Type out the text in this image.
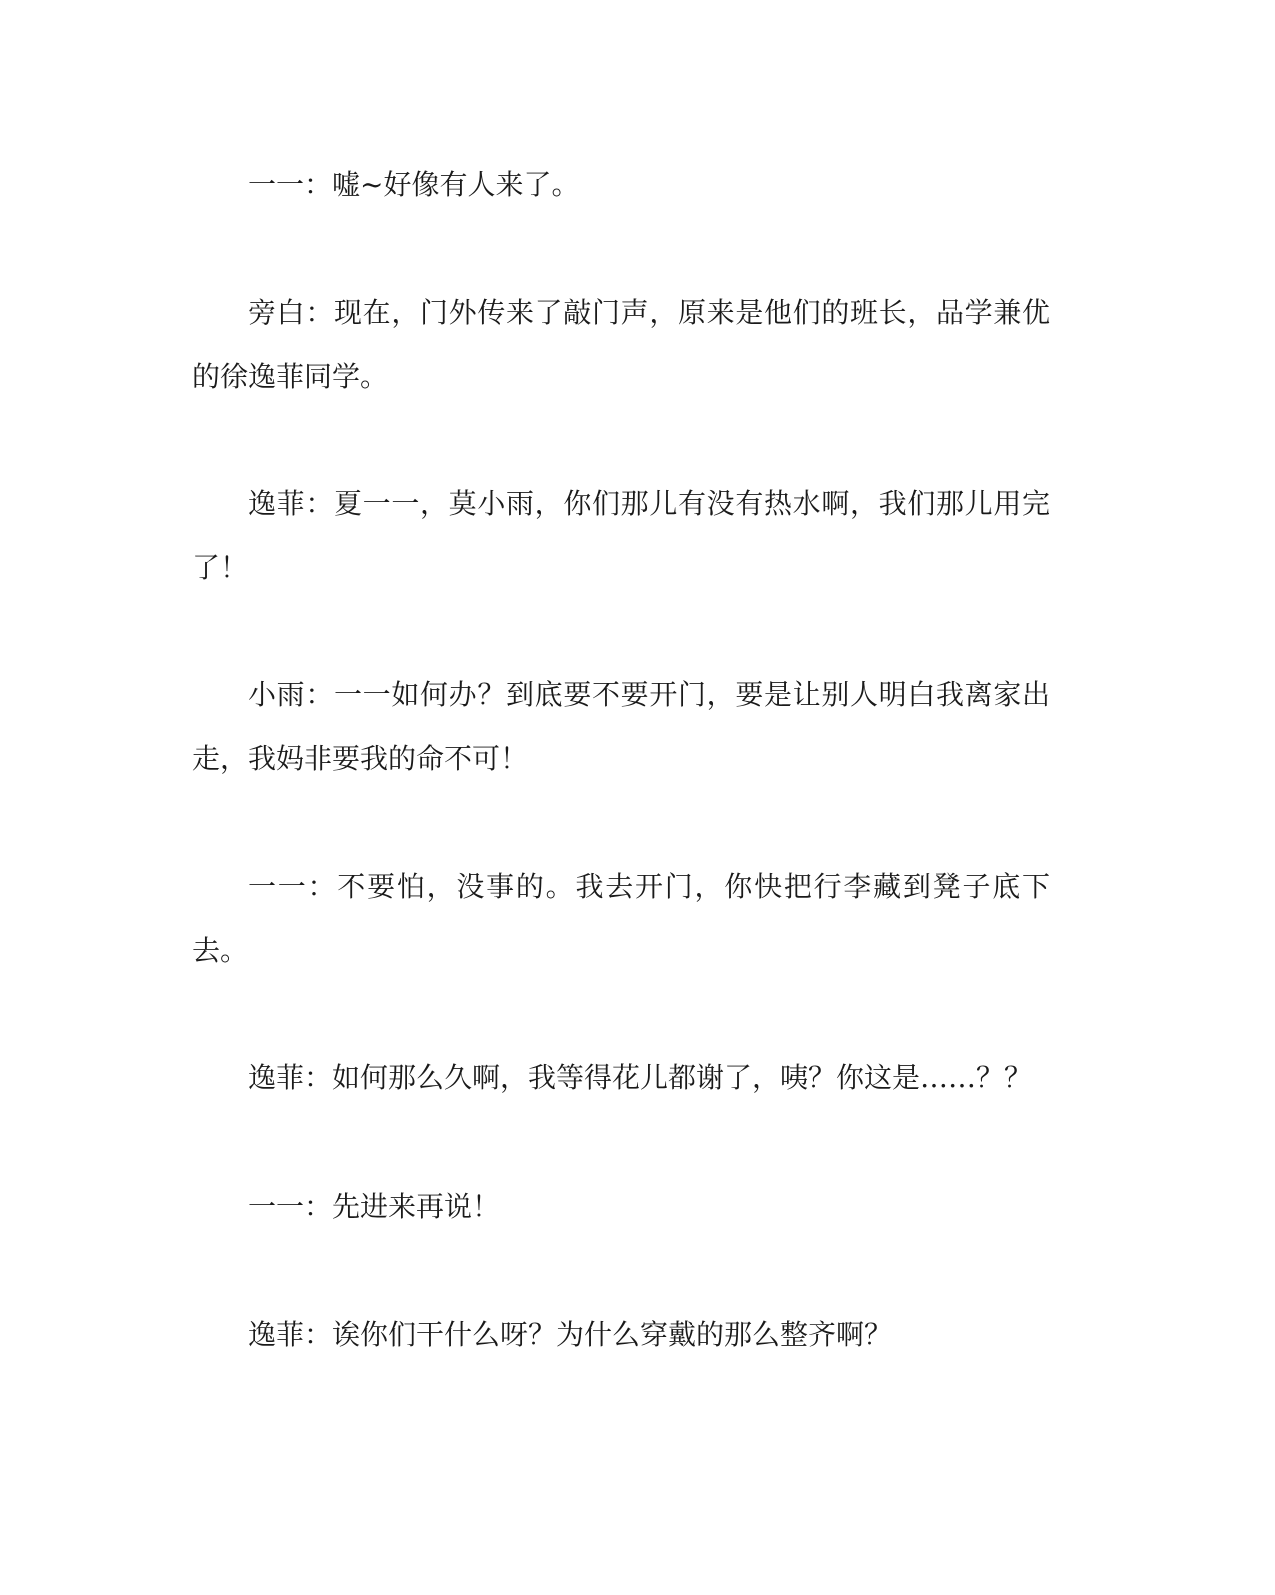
一一：嘘~好像有人来了。

旁白：现在，门外传来了敲门声，原来是他们的班长，品学兼优的徐逸菲同学。

逸菲：夏一一，莫小雨，你们那儿有没有热水啊，我们那儿用完了！

小雨：一一如何办？到底要不要开门，要是让别人明白我离家出走，我妈非要我的命不可！

一一：不要怕，没事的。我去开门，你快把行李藏到凳子底下去。

逸菲：如何那么久啊，我等得花儿都谢了，咦？你这是……？？

一一：先进来再说！

逸菲：诶你们干什么呀？为什么穿戴的那么整齐啊？
